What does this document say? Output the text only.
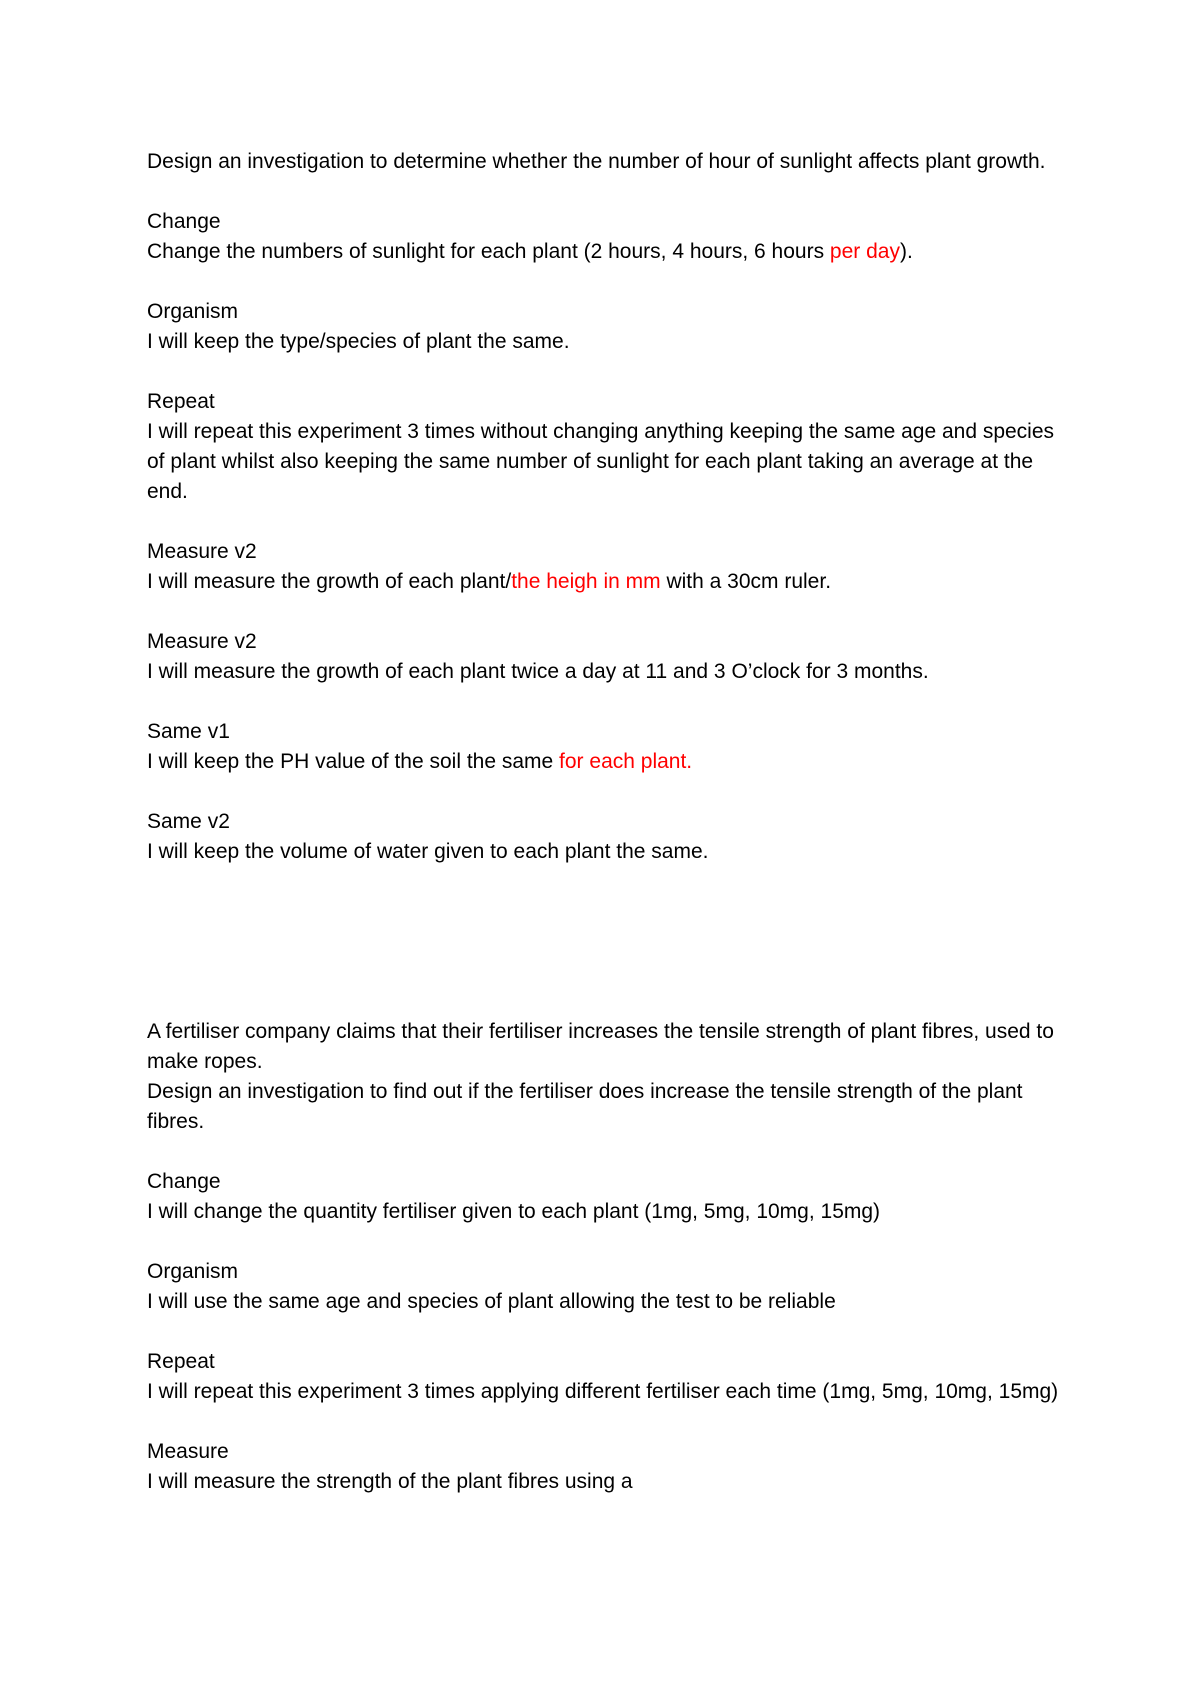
Design an investigation to determine whether the number of hour of sunlight affects plant growth.

Change

Change the numbers of sunlight for each plant (2 hours, 4 hours, 6 hours per day).

Organism

I will keep the type/species of plant the same.

Repeat

I will repeat this experiment 3 times without changing anything keeping the same age and species of plant whilst also keeping the same number of sunlight for each plant taking an average at the end.

Measure v2

I will measure the growth of each plant/the heigh in mm with a 30cm ruler.

Measure v2

I will measure the growth of each plant twice a day at 11 and 3 O’clock for 3 months.

Same v1

I will keep the PH value of the soil the same for each plant.

Same v2

I will keep the volume of water given to each plant the same.

A fertiliser company claims that their fertiliser increases the tensile strength of plant fibres, used to make ropes.

Design an investigation to find out if the fertiliser does increase the tensile strength of the plant fibres.

Change

I will change the quantity fertiliser given to each plant (1mg, 5mg, 10mg, 15mg)

Organism

I will use the same age and species of plant allowing the test to be reliable

Repeat

I will repeat this experiment 3 times applying different fertiliser each time (1mg, 5mg, 10mg, 15mg)

Measure

I will measure the strength of the plant fibres using a
